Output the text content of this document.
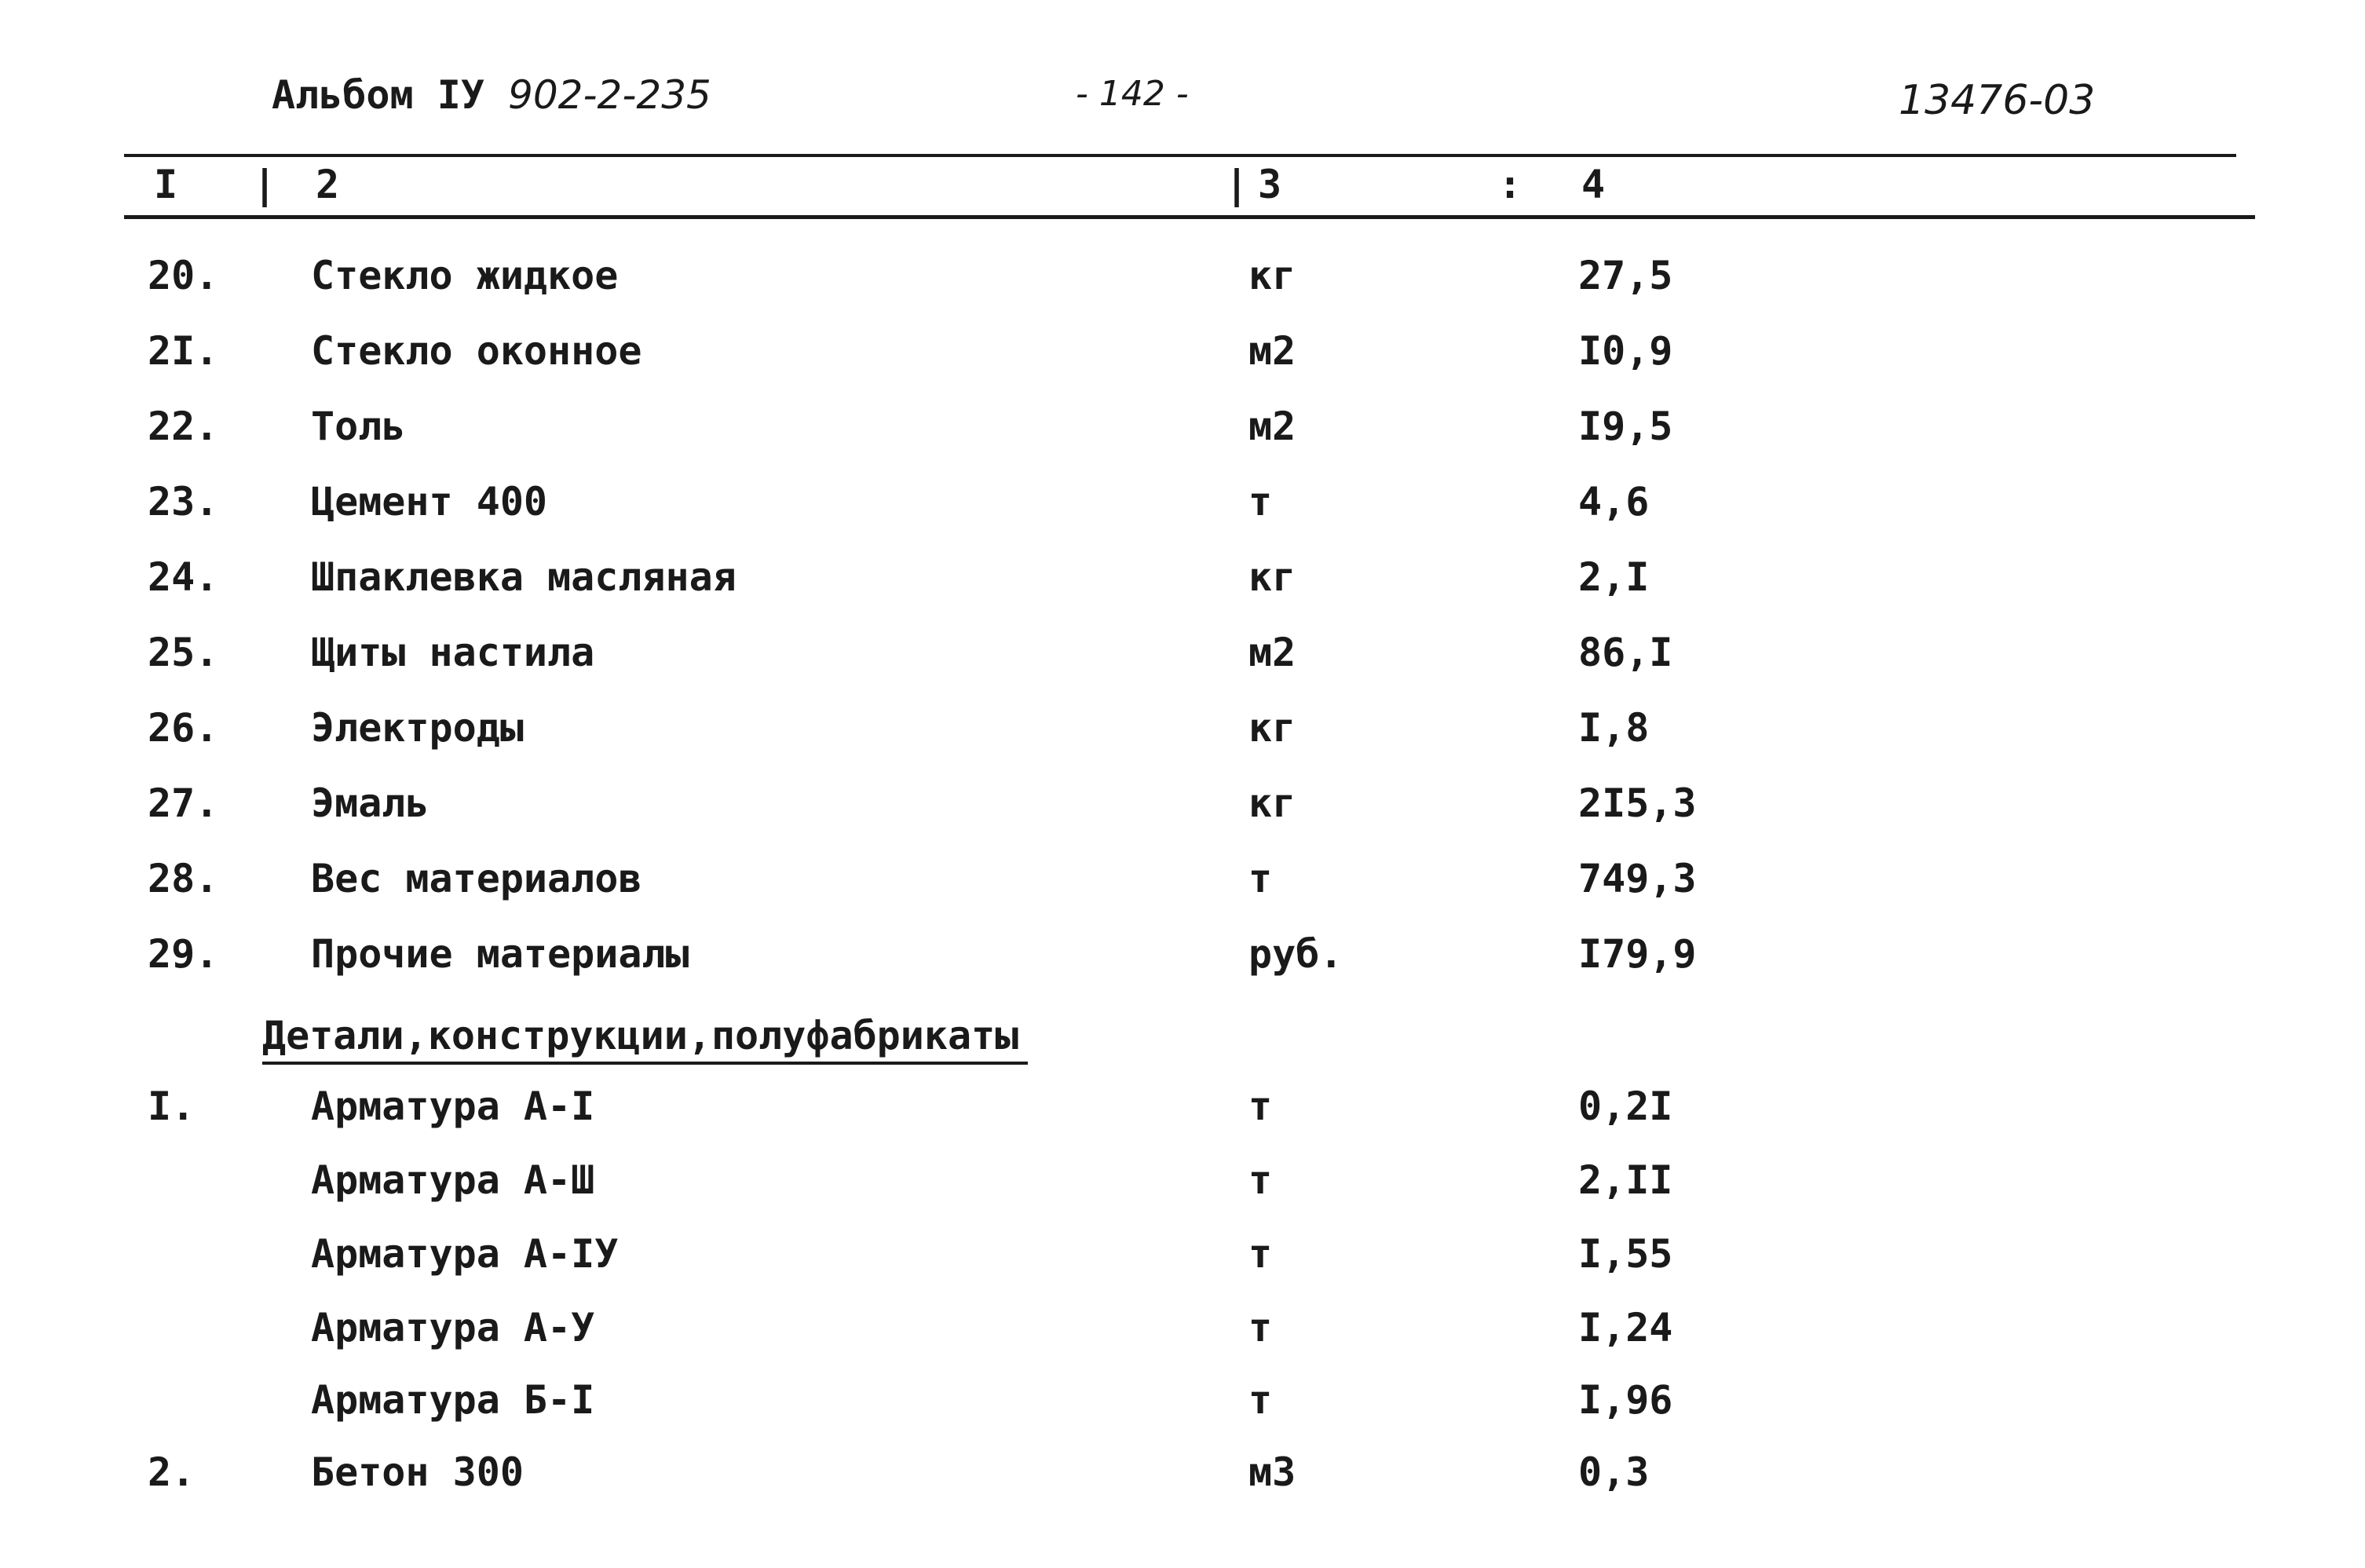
Альбом IУ 902-2-235	- 142 -	13476-03
I | 2	| 3	: 4
20. Стекло жидкое	кг	27,5
2I. Стекло оконное	м2	I0,9
22. Толь	м2	I9,5
23. Цемент 400	т	4,6
24. Шпаклевка масляная	кг	2,I
25. Щиты настила	м2	86,I
26. Электроды	кг	I,8
27. Эмаль	кг	2I5,3
28. Вес материалов	т	749,3
29. Прочие материалы	руб.	I79,9
Детали,конструкции,полуфабрикаты
I.	Арматура А-I	т	0,2I
Арматура А-Ш	т	2,II
Арматура А-IУ	т	I,55
Арматура А-У	т	I,24
Арматура Б-I	т	I,96
2.	Бетон 300	м3	0,3
